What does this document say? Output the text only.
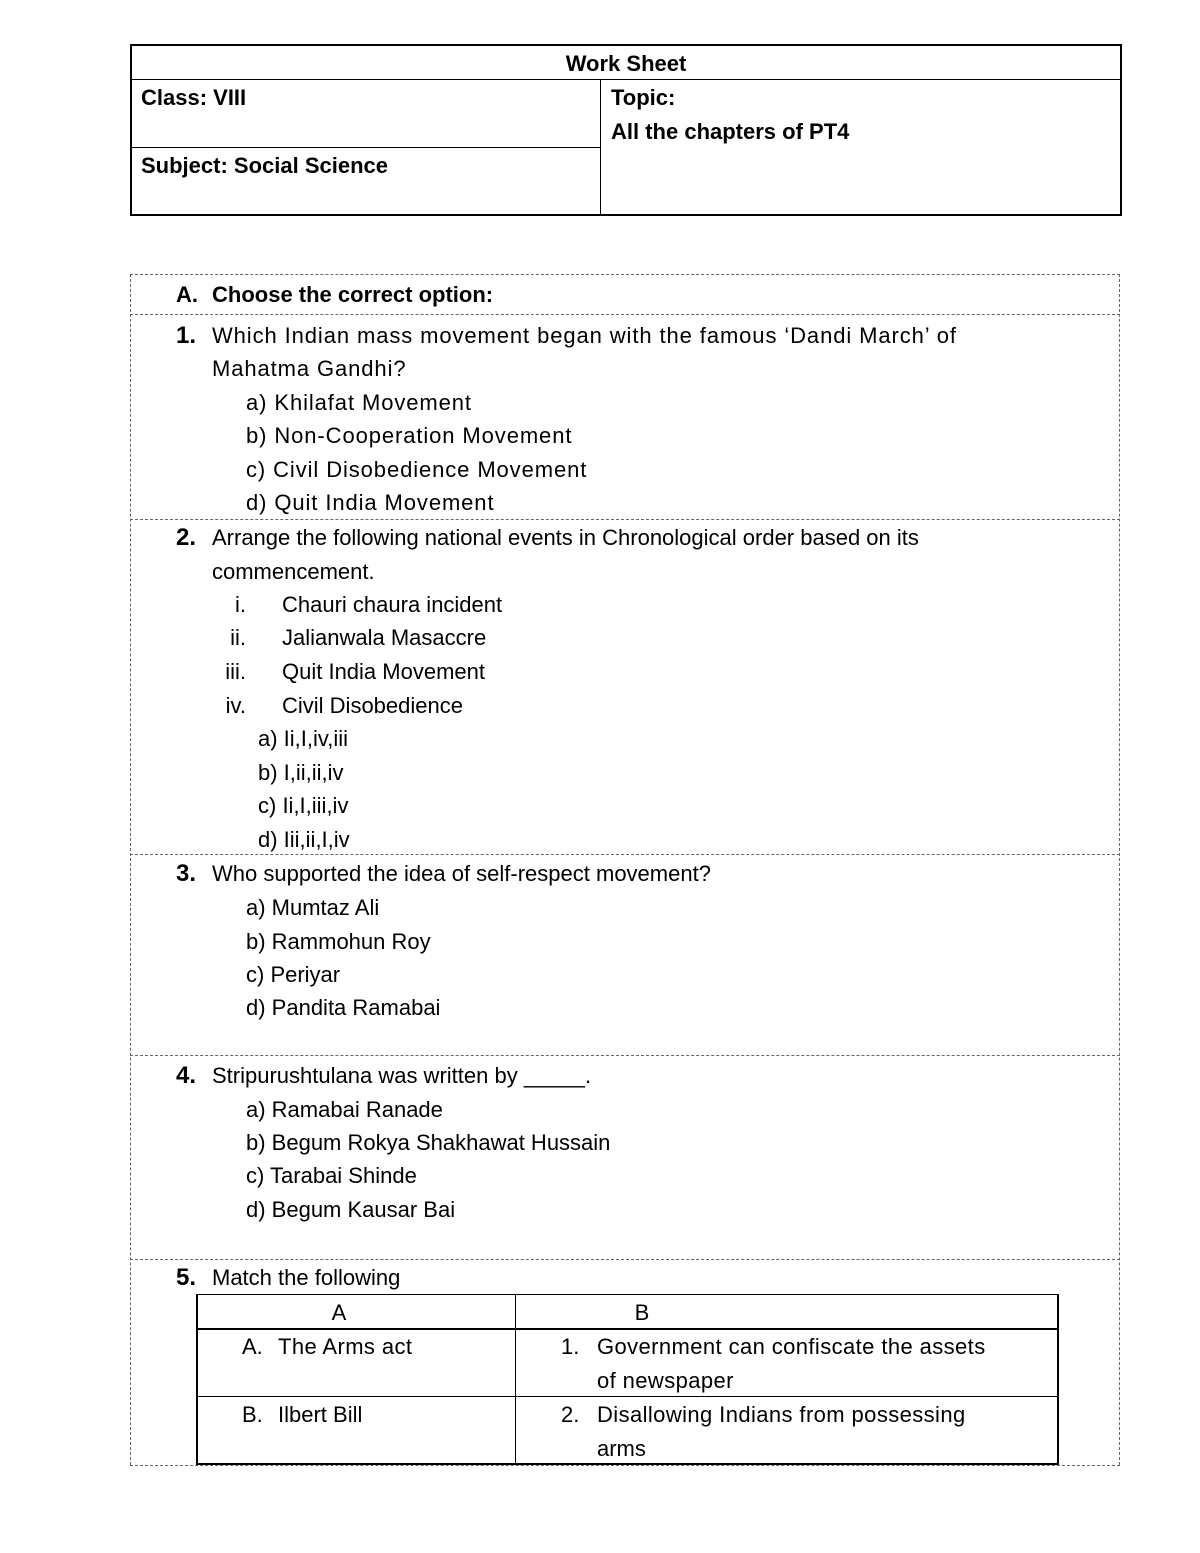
Work Sheet
Class: VIII
Subject: Social Science
Topic:
All the chapters of PT4
A. Choose the correct option:
1. Which Indian mass movement began with the famous ‘Dandi March’ of
Mahatma Gandhi?
a) Khilafat Movement
b) Non-Cooperation Movement
c) Civil Disobedience Movement
d) Quit India Movement
2. Arrange the following national events in Chronological order based on its
commencement.
i. Chauri chaura incident
ii. Jalianwala Masaccre
iii. Quit India Movement
iv. Civil Disobedience
a) Ii,I,iv,iii
b) I,ii,ii,iv
c) Ii,I,iii,iv
d) Iii,ii,I,iv
3. Who supported the idea of self-respect movement?
a) Mumtaz Ali
b) Rammohun Roy
c) Periyar
d) Pandita Ramabai
4. Stripurushtulana was written by _____.
a) Ramabai Ranade
b) Begum Rokya Shakhawat Hussain
c) Tarabai Shinde
d) Begum Kausar Bai
5. Match the following
A	B
A. The Arms act	1. Government can confiscate the assets
of newspaper
B. Ilbert Bill	2. Disallowing Indians from possessing
arms
